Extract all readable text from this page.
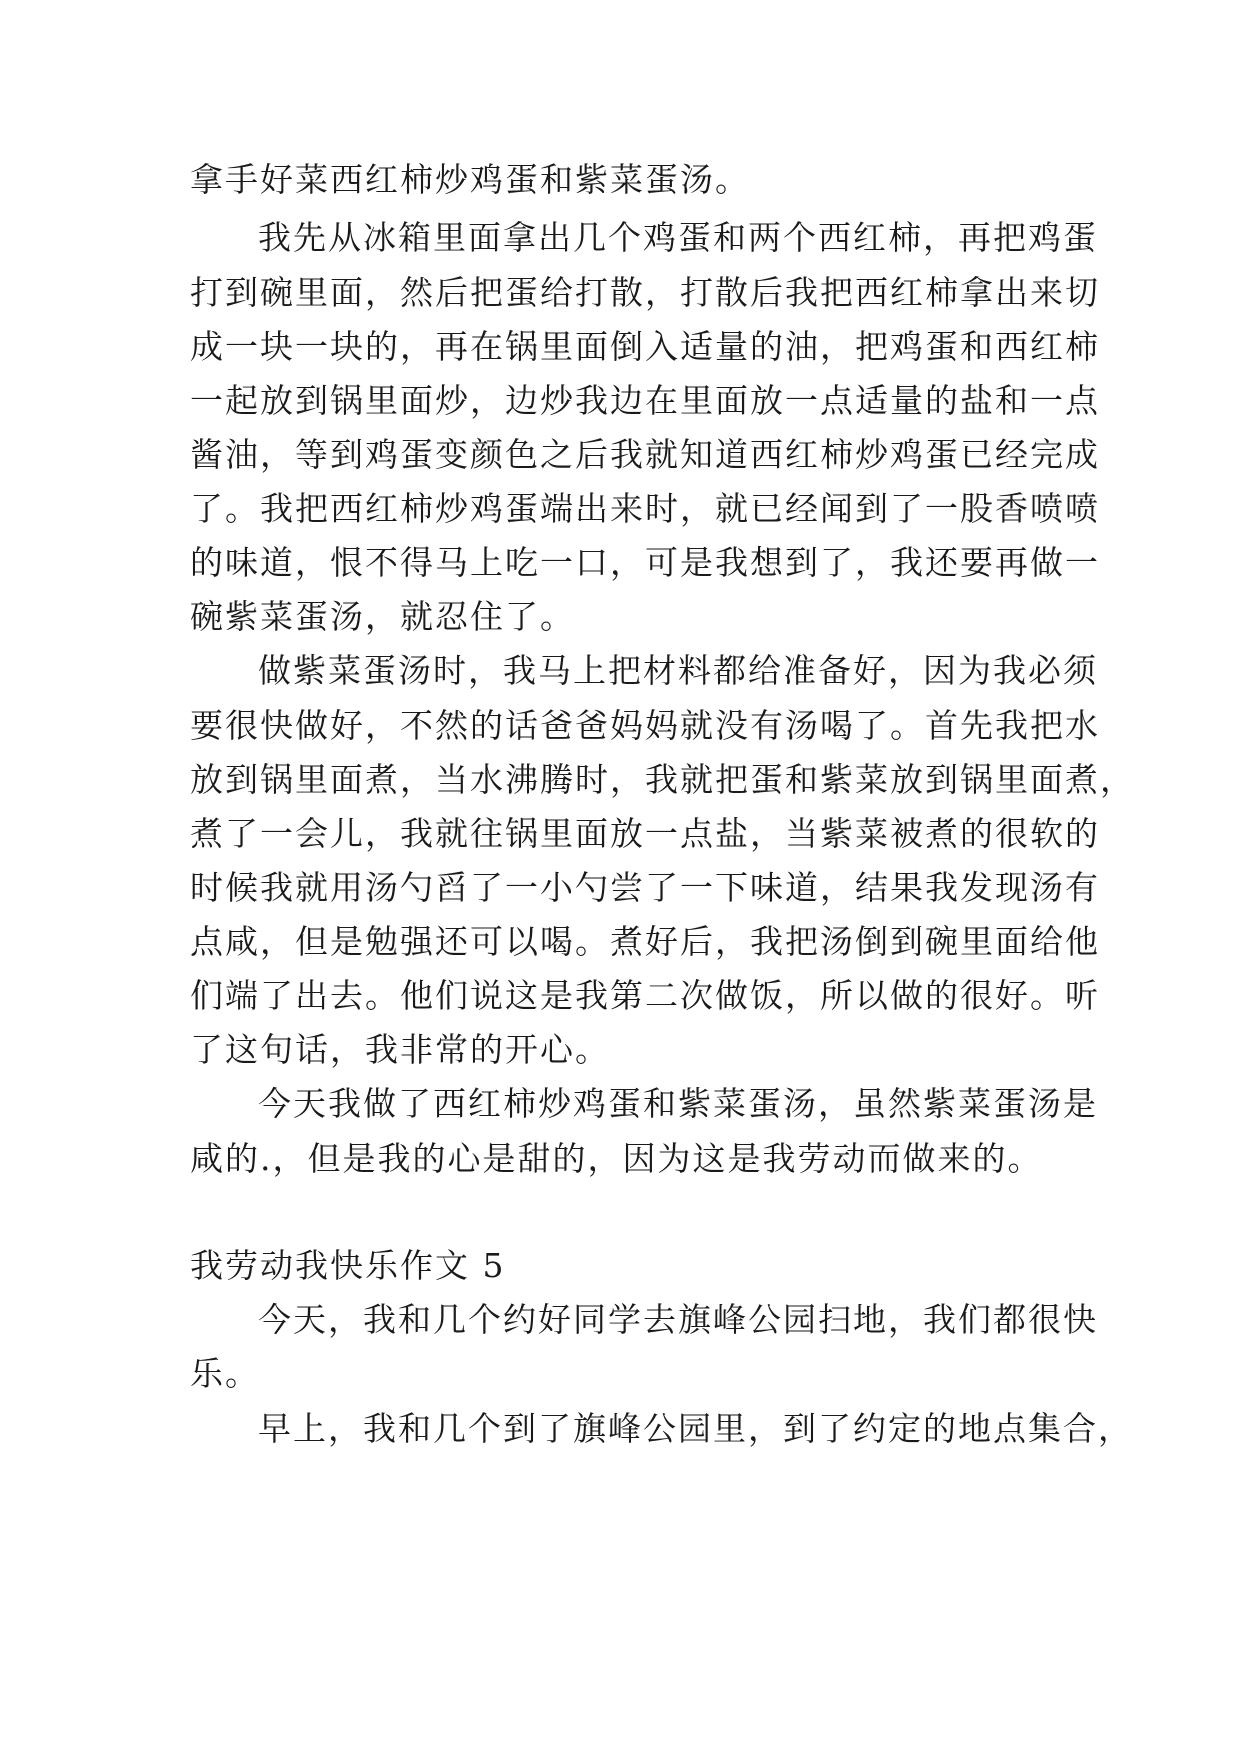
拿手好菜西红柿炒鸡蛋和紫菜蛋汤。
我先从冰箱里面拿出几个鸡蛋和两个西红柿，再把鸡蛋
打到碗里面，然后把蛋给打散，打散后我把西红柿拿出来切
成一块一块的，再在锅里面倒入适量的油，把鸡蛋和西红柿
一起放到锅里面炒，边炒我边在里面放一点适量的盐和一点
酱油，等到鸡蛋变颜色之后我就知道西红柿炒鸡蛋已经完成
了。我把西红柿炒鸡蛋端出来时，就已经闻到了一股香喷喷
的味道，恨不得马上吃一口，可是我想到了，我还要再做一
碗紫菜蛋汤，就忍住了。
做紫菜蛋汤时，我马上把材料都给准备好，因为我必须
要很快做好，不然的话爸爸妈妈就没有汤喝了。首先我把水
放到锅里面煮，当水沸腾时，我就把蛋和紫菜放到锅里面煮，
煮了一会儿，我就往锅里面放一点盐，当紫菜被煮的很软的
时候我就用汤勺舀了一小勺尝了一下味道，结果我发现汤有
点咸，但是勉强还可以喝。煮好后，我把汤倒到碗里面给他
们端了出去。他们说这是我第二次做饭，所以做的很好。听
了这句话，我非常的开心。
今天我做了西红柿炒鸡蛋和紫菜蛋汤，虽然紫菜蛋汤是
咸的.，但是我的心是甜的，因为这是我劳动而做来的。
我劳动我快乐作文 5
今天，我和几个约好同学去旗峰公园扫地，我们都很快
乐。
早上，我和几个到了旗峰公园里，到了约定的地点集合，
